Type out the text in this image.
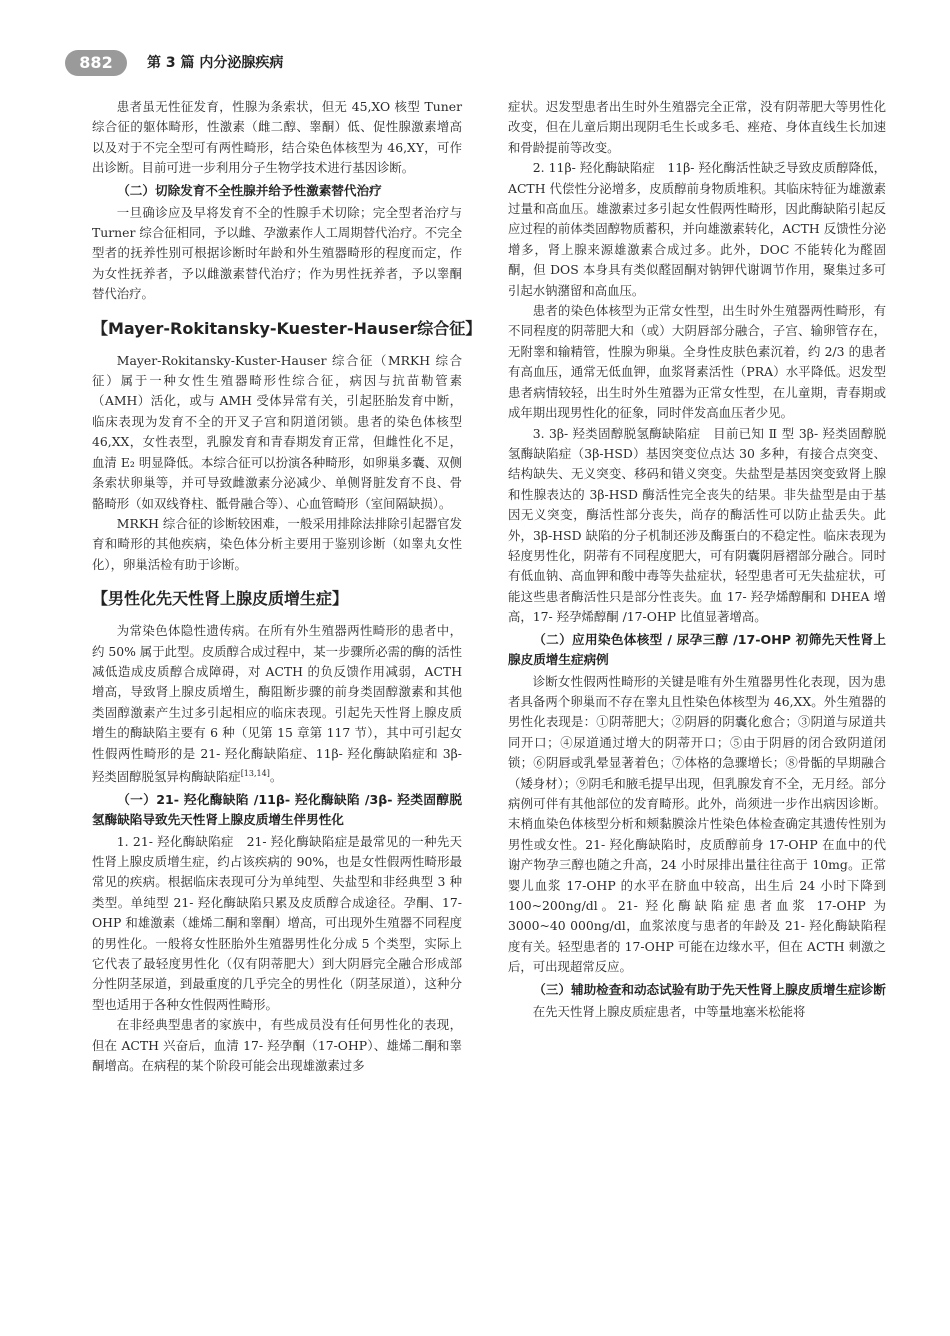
882	第 3 篇 内分泌腺疾病

患者虽无性征发育，性腺为条索状，但无 45,XO 核型 Tuner 综合征的躯体畸形，性激素（雌二醇、睾酮）低、促性腺激素增高以及对于不完全型可有两性畸形，结合染色体核型为 46,XY，可作出诊断。目前可进一步利用分子生物学技术进行基因诊断。

（二）切除发育不全性腺并给予性激素替代治疗

一旦确诊应及早将发育不全的性腺手术切除；完全型者治疗与 Turner 综合征相同，予以雌、孕激素作人工周期替代治疗。不完全型者的抚养性别可根据诊断时年龄和外生殖器畸形的程度而定，作为女性抚养者，予以雌激素替代治疗；作为男性抚养者，予以睾酮替代治疗。

【Mayer-Rokitansky-Kuester-Hauser综合征】

Mayer-Rokitansky-Kuster-Hauser 综合征（MRKH 综合征）属于一种女性生殖器畸形性综合征，病因与抗苗勒管素（AMH）活化，或与 AMH 受体异常有关，引起胚胎发育中断，临床表现为发育不全的开叉子宫和阴道闭锁。患者的染色体核型 46,XX，女性表型，乳腺发育和青春期发育正常，但雌性化不足，血清 E₂ 明显降低。本综合征可以扮演各种畸形，如卵巢多囊、双侧条索状卵巢等，并可导致雌激素分泌减少、单侧肾脏发育不良、骨骼畸形（如双线脊柱、骶骨融合等）、心血管畸形（室间隔缺损）。

MRKH 综合征的诊断较困难，一般采用排除法排除引起器官发育和畸形的其他疾病，染色体分析主要用于鉴别诊断（如睾丸女性化），卵巢活检有助于诊断。

【男性化先天性肾上腺皮质增生症】

为常染色体隐性遗传病。在所有外生殖器两性畸形的患者中，约 50% 属于此型。皮质醇合成过程中，某一步骤所必需的酶的活性减低造成皮质醇合成障碍，对 ACTH 的负反馈作用减弱，ACTH 增高，导致肾上腺皮质增生，酶阻断步骤的前身类固醇激素和其他类固醇激素产生过多引起相应的临床表现。引起先天性肾上腺皮质增生的酶缺陷主要有 6 种（见第 15 章第 117 节），其中可引起女性假两性畸形的是 21- 羟化酶缺陷症、11β- 羟化酶缺陷症和 3β- 羟类固醇脱氢异构酶缺陷症[13,14]。

（一）21- 羟化酶缺陷 /11β- 羟化酶缺陷 /3β- 羟类固醇脱氢酶缺陷导致先天性肾上腺皮质增生伴男性化

1. 21- 羟化酶缺陷症　21- 羟化酶缺陷症是最常见的一种先天性肾上腺皮质增生症，约占该疾病的 90%，也是女性假两性畸形最常见的疾病。根据临床表现可分为单纯型、失盐型和非经典型 3 种类型。单纯型 21- 羟化酶缺陷只累及皮质醇合成途径。孕酮、17-OHP 和雄激素（雄烯二酮和睾酮）增高，可出现外生殖器不同程度的男性化。一般将女性胚胎外生殖器男性化分成 5 个类型，实际上它代表了最轻度男性化（仅有阴蒂肥大）到大阴唇完全融合形成部分性阴茎尿道，到最重度的几乎完全的男性化（阴茎尿道），这种分型也适用于各种女性假两性畸形。

在非经典型患者的家族中，有些成员没有任何男性化的表现，但在 ACTH 兴奋后，血清 17- 羟孕酮（17-OHP）、雄烯二酮和睾酮增高。在病程的某个阶段可能会出现雄激素过多

症状。迟发型患者出生时外生殖器完全正常，没有阴蒂肥大等男性化改变，但在儿童后期出现阴毛生长或多毛、痤疮、身体直线生长加速和骨龄提前等改变。

2. 11β- 羟化酶缺陷症　11β- 羟化酶活性缺乏导致皮质醇降低，ACTH 代偿性分泌增多，皮质醇前身物质堆积。其临床特征为雄激素过量和高血压。雄激素过多引起女性假两性畸形，因此酶缺陷引起反应过程的前体类固醇物质蓄积，并向雄激素转化，ACTH 反馈性分泌增多，肾上腺来源雄激素合成过多。此外，DOC 不能转化为醛固酮，但 DOS 本身具有类似醛固酮对钠钾代谢调节作用，聚集过多可引起水钠潴留和高血压。

患者的染色体核型为正常女性型，出生时外生殖器两性畸形，有不同程度的阴蒂肥大和（或）大阴唇部分融合，子宫、输卵管存在，无附睾和输精管，性腺为卵巢。全身性皮肤色素沉着，约 2/3 的患者有高血压，通常无低血钾，血浆肾素活性（PRA）水平降低。迟发型患者病情较轻，出生时外生殖器为正常女性型，在儿童期，青春期或成年期出现男性化的征象，同时伴发高血压者少见。

3. 3β- 羟类固醇脱氢酶缺陷症　目前已知 Ⅱ 型 3β- 羟类固醇脱氢酶缺陷症（3β-HSD）基因突变位点达 30 多种，有接合点突变、结构缺失、无义突变、移码和错义突变。失盐型是基因突变致肾上腺和性腺表达的 3β-HSD 酶活性完全丧失的结果。非失盐型是由于基因无义突变，酶活性部分丧失，尚存的酶活性可以防止盐丢失。此外，3β-HSD 缺陷的分子机制还涉及酶蛋白的不稳定性。临床表现为轻度男性化，阴蒂有不同程度肥大，可有阴囊阴唇褶部分融合。同时有低血钠、高血钾和酸中毒等失盐症状，轻型患者可无失盐症状，可能这些患者酶活性只是部分性丧失。血 17- 羟孕烯醇酮和 DHEA 增高，17- 羟孕烯醇酮 /17-OHP 比值显著增高。

（二）应用染色体核型 / 尿孕三醇 /17-OHP 初筛先天性肾上腺皮质增生症病例

诊断女性假两性畸形的关键是唯有外生殖器男性化表现，因为患者具备两个卵巢而不存在睾丸且性染色体核型为 46,XX。外生殖器的男性化表现是：①阴蒂肥大；②阴唇的阴囊化愈合；③阴道与尿道共同开口；④尿道通过增大的阴蒂开口；⑤由于阴唇的闭合致阴道闭锁；⑥阴唇或乳晕显著着色；⑦体格的急骤增长；⑧骨骺的早期融合（矮身材）；⑨阴毛和腋毛提早出现，但乳腺发育不全，无月经。部分病例可伴有其他部位的发育畸形。此外，尚须进一步作出病因诊断。末梢血染色体核型分析和颊黏膜涂片性染色体检查确定其遗传性别为男性或女性。21- 羟化酶缺陷时，皮质醇前身 17-OHP 在血中的代谢产物孕三醇也随之升高，24 小时尿排出量往往高于 10mg。正常婴儿血浆 17-OHP 的水平在脐血中较高，出生后 24 小时下降到 100~200ng/dl。21- 羟化酶缺陷症患者血浆 17-OHP 为 3000~40 000ng/dl，血浆浓度与患者的年龄及 21- 羟化酶缺陷程度有关。轻型患者的 17-OHP 可能在边缘水平，但在 ACTH 刺激之后，可出现超常反应。

（三）辅助检查和动态试验有助于先天性肾上腺皮质增生症诊断

在先天性肾上腺皮质症患者，中等量地塞米松能将
